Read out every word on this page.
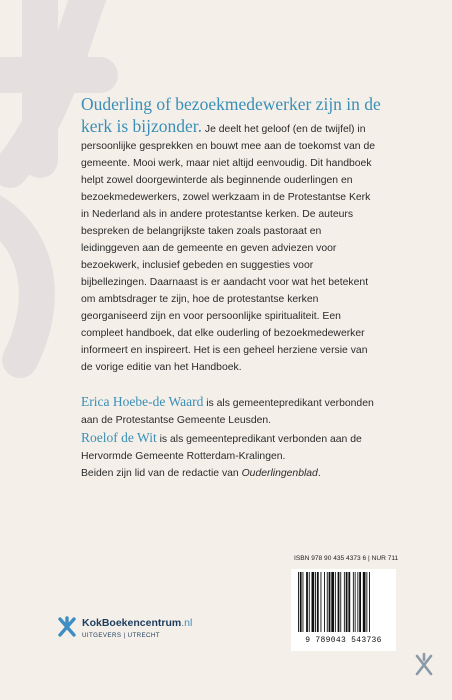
Ouderling of bezoekmedewerker zijn in de kerk is bijzonder. Je deelt het geloof (en de twijfel) in persoonlijke gesprekken en bouwt mee aan de toekomst van de gemeente. Mooi werk, maar niet altijd eenvoudig. Dit handboek helpt zowel doorgewinterde als beginnende ouderlingen en bezoekmedewerkers, zowel werkzaam in de Protestantse Kerk in Nederland als in andere protestantse kerken. De auteurs bespreken de belangrijkste taken zoals pastoraat en leidinggeven aan de gemeente en geven adviezen voor bezoekwerk, inclusief gebeden en suggesties voor bijbellezingen. Daarnaast is er aandacht voor wat het betekent om ambtsdrager te zijn, hoe de protestantse kerken georganiseerd zijn en voor persoonlijke spiritualiteit. Een compleet handboek, dat elke ouderling of bezoekmedewerker informeert en inspireert. Het is een geheel herziene versie van de vorige editie van het Handboek.
Erica Hoebe-de Waard is als gemeentepredikant verbonden aan de Protestantse Gemeente Leusden.
Roelof de Wit is als gemeentepredikant verbonden aan de Hervormde Gemeente Rotterdam-Kralingen.
Beiden zijn lid van de redactie van Ouderlingenblad.
ISBN 978 90 435 4373 6 | NUR 711
9 789043 543736
KokBoekencentrum.nl
UITGEVERS | UTRECHT
